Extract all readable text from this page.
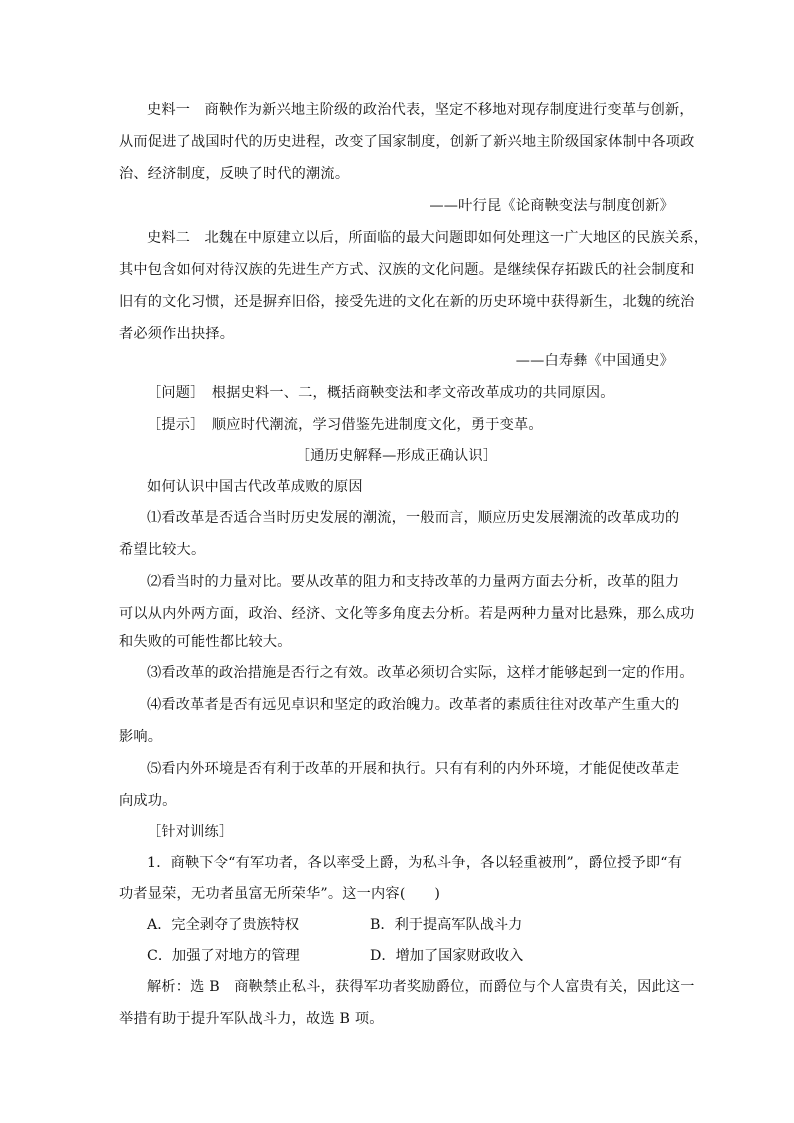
史料一　商鞅作为新兴地主阶级的政治代表，坚定不移地对现存制度进行变革与创新，
从而促进了战国时代的历史进程，改变了国家制度，创新了新兴地主阶级国家体制中各项政
治、经济制度，反映了时代的潮流。
——叶行昆《论商鞅变法与制度创新》
史料二　北魏在中原建立以后，所面临的最大问题即如何处理这一广大地区的民族关系，
其中包含如何对待汉族的先进生产方式、汉族的文化问题。是继续保存拓跋氏的社会制度和
旧有的文化习惯，还是摒弃旧俗，接受先进的文化在新的历史环境中获得新生，北魏的统治
者必须作出抉择。
——白寿彝《中国通史》
［问题］　根据史料一、二，概括商鞅变法和孝文帝改革成功的共同原因。
［提示］　顺应时代潮流，学习借鉴先进制度文化，勇于变革。
［通历史解释—形成正确认识］
如何认识中国古代改革成败的原因
⑴看改革是否适合当时历史发展的潮流，一般而言，顺应历史发展潮流的改革成功的
希望比较大。
⑵看当时的力量对比。要从改革的阻力和支持改革的力量两方面去分析，改革的阻力
可以从内外两方面，政治、经济、文化等多角度去分析。若是两种力量对比悬殊，那么成功
和失败的可能性都比较大。
⑶看改革的政治措施是否行之有效。改革必须切合实际，这样才能够起到一定的作用。
⑷看改革者是否有远见卓识和坚定的政治魄力。改革者的素质往往对改革产生重大的
影响。
⑸看内外环境是否有利于改革的开展和执行。只有有利的内外环境，才能促使改革走
向成功。
［针对训练］
1．商鞅下令“有军功者，各以率受上爵，为私斗争，各以轻重被刑”，爵位授予即“有
功者显荣，无功者虽富无所荣华”。这一内容(　　)
A．完全剥夺了贵族特权	B．利于提高军队战斗力
C．加强了对地方的管理	D．增加了国家财政收入
解析：选 B　商鞅禁止私斗，获得军功者奖励爵位，而爵位与个人富贵有关，因此这一
举措有助于提升军队战斗力，故选 B 项。
